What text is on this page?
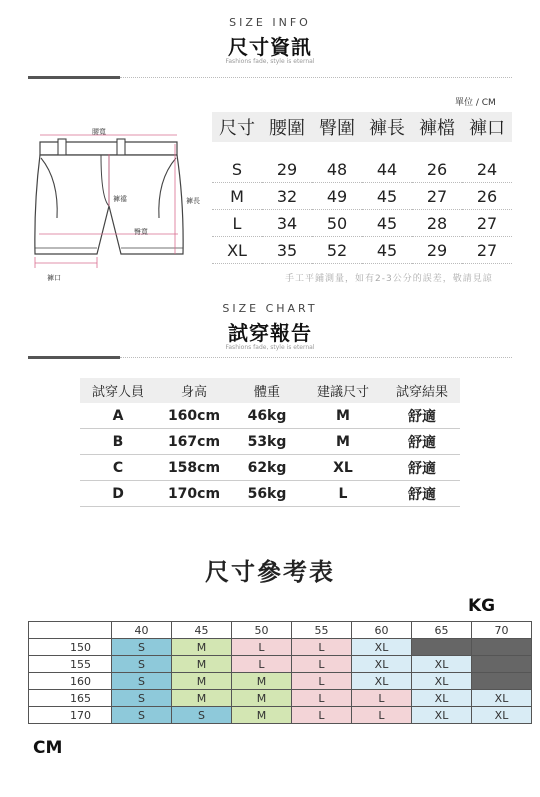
SIZE INFO
尺寸資訊
Fashions fade, style is eternal
單位 / CM
腰寬
褲襠
臀寬
褲長
褲口
尺寸	腰圍	臀圍	褲長	褲檔	褲口

S	29	48	44	26	24
M	32	49	45	27	26
L	34	50	45	28	27
XL	35	52	45	29	27
手工平鋪測量，如有2-3公分的誤差，敬請見諒
SIZE CHART
試穿報告
Fashions fade, style is eternal
試穿人員	身高	體重	建議尺寸	試穿結果
A	160cm	46kg	M	舒適
B	167cm	53kg	M	舒適
C	158cm	62kg	XL	舒適
D	170cm	56kg	L	舒適
尺寸參考表
KG
	40	45	50	55	60	65	70
150	S	M	L	L	XL		
155	S	M	L	L	XL	XL	
160	S	M	M	L	XL	XL	
165	S	M	M	L	L	XL	XL
170	S	S	M	L	L	XL	XL
CM
